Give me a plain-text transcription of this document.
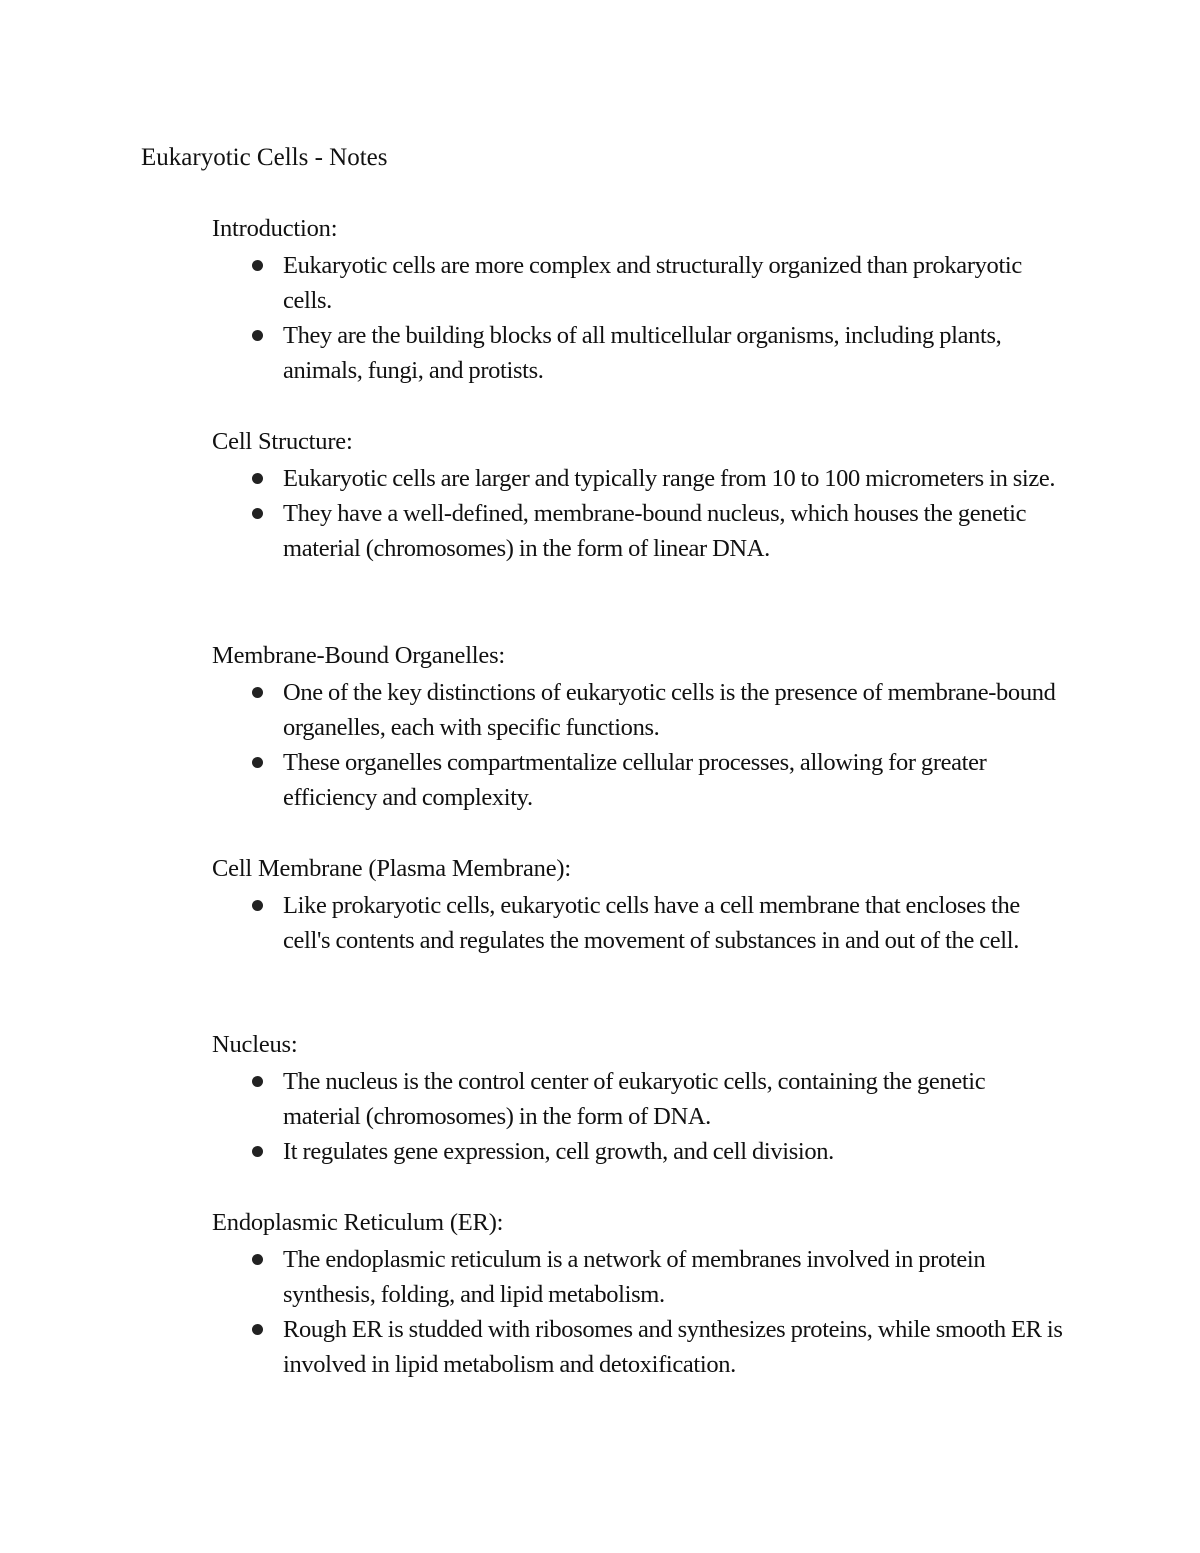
Eukaryotic Cells - Notes
Introduction:
Eukaryotic cells are more complex and structurally organized than prokaryotic cells.
They are the building blocks of all multicellular organisms, including plants, animals, fungi, and protists.
Cell Structure:
Eukaryotic cells are larger and typically range from 10 to 100 micrometers in size.
They have a well-defined, membrane-bound nucleus, which houses the genetic material (chromosomes) in the form of linear DNA.
Membrane-Bound Organelles:
One of the key distinctions of eukaryotic cells is the presence of membrane-bound organelles, each with specific functions.
These organelles compartmentalize cellular processes, allowing for greater efficiency and complexity.
Cell Membrane (Plasma Membrane):
Like prokaryotic cells, eukaryotic cells have a cell membrane that encloses the cell's contents and regulates the movement of substances in and out of the cell.
Nucleus:
The nucleus is the control center of eukaryotic cells, containing the genetic material (chromosomes) in the form of DNA.
It regulates gene expression, cell growth, and cell division.
Endoplasmic Reticulum (ER):
The endoplasmic reticulum is a network of membranes involved in protein synthesis, folding, and lipid metabolism.
Rough ER is studded with ribosomes and synthesizes proteins, while smooth ER is involved in lipid metabolism and detoxification.
